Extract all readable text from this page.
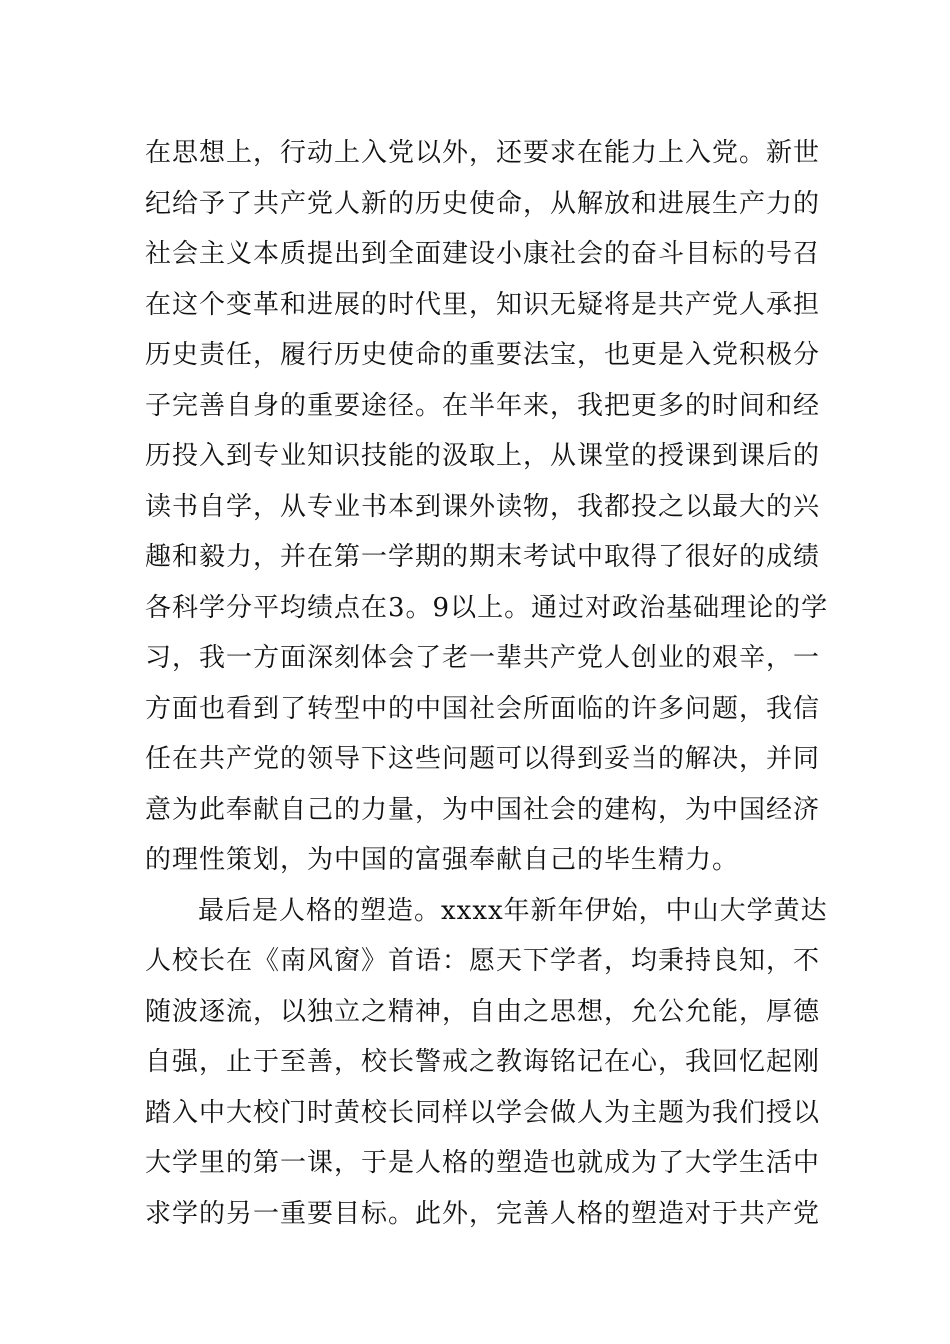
在思想上，行动上入党以外，还要求在能力上入党。新世
纪给予了共产党人新的历史使命，从解放和进展生产力的
社会主义本质提出到全面建设小康社会的奋斗目标的号召
在这个变革和进展的时代里，知识无疑将是共产党人承担
历史责任，履行历史使命的重要法宝，也更是入党积极分
子完善自身的重要途径。在半年来，我把更多的时间和经
历投入到专业知识技能的汲取上，从课堂的授课到课后的
读书自学，从专业书本到课外读物，我都投之以最大的兴
趣和毅力，并在第一学期的期末考试中取得了很好的成绩
各科学分平均绩点在3。9以上。通过对政治基础理论的学
习，我一方面深刻体会了老一辈共产党人创业的艰辛，一
方面也看到了转型中的中国社会所面临的许多问题，我信
任在共产党的领导下这些问题可以得到妥当的解决，并同
意为此奉献自己的力量，为中国社会的建构，为中国经济
的理性策划，为中国的富强奉献自己的毕生精力。
最后是人格的塑造。xxxx年新年伊始，中山大学黄达
人校长在《南风窗》首语：愿天下学者，均秉持良知，不
随波逐流，以独立之精神，自由之思想，允公允能，厚德
自强，止于至善，校长警戒之教诲铭记在心，我回忆起刚
踏入中大校门时黄校长同样以学会做人为主题为我们授以
大学里的第一课，于是人格的塑造也就成为了大学生活中
求学的另一重要目标。此外，完善人格的塑造对于共产党
